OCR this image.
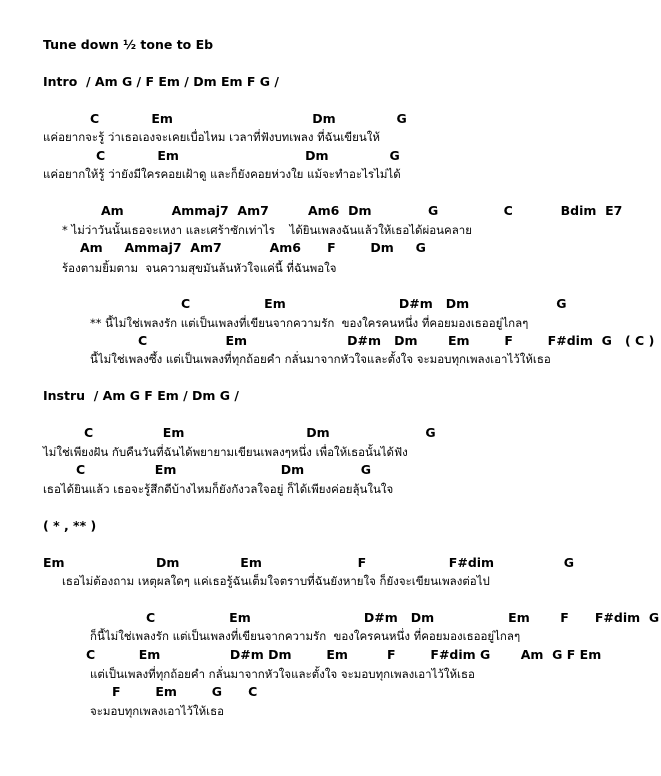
Tune down ½ tone to Eb
Intro  / Am G / F Em / Dm Em F G /
C            Em                                Dm              G
แค่อยากจะรู้ ว่าเธอเองจะเคยเบื่อไหม เวลาที่ฟังบทเพลง ที่ฉันเขียนให้
C            Em                             Dm              G
แค่อยากให้รู้ ว่ายังมีใครคอยเฝ้าดู และก็ยังคอยห่วงใย แม้จะทำอะไรไม่ได้
Am           Ammaj7  Am7         Am6  Dm             G               C           Bdim  E7
* ไม่ว่าวันนั้นเธอจะเหงา และเศร้าซักเท่าไร    ได้ยินเพลงฉันแล้วให้เธอได้ผ่อนคลาย
Am     Ammaj7  Am7           Am6      F        Dm     G
ร้องตามยิ้มตาม  จนความสุขมันล้นหัวใจแค่นี้ ที่ฉันพอใจ
C                 Em                          D#m   Dm                    G
** นี้ไม่ใช่เพลงรัก แต่เป็นเพลงที่เขียนจากความรัก  ของใครคนหนึ่ง ที่คอยมองเธออยู่ไกลๆ
C                  Em                       D#m   Dm       Em        F        F#dim  G   ( C )
นี้ไม่ใช่เพลงซึ้ง แต่เป็นเพลงที่ทุกถ้อยคำ กลั่นมาจากหัวใจและตั้งใจ จะมอบทุกเพลงเอาไว้ให้เธอ
Instru  / Am G F Em / Dm G /
C                Em                            Dm                      G
ไม่ใช่เพียงฝัน กับคืนวันที่ฉันได้พยายามเขียนเพลงๆหนึ่ง เพื่อให้เธอนั้นได้ฟัง
C                Em                        Dm             G
เธอได้ยินแล้ว เธอจะรู้สึกดีบ้างไหมก็ยังกังวลใจอยู่ ก็ได้เพียงค่อยลุ้นในใจ
( * , ** )
Em                     Dm              Em                      F                   F#dim                G
เธอไม่ต้องถาม เหตุผลใดๆ แค่เธอรู้ฉันเต็มใจตราบที่ฉันยังหายใจ ก็ยังจะเขียนเพลงต่อไป
C                 Em                          D#m   Dm                 Em       F      F#dim  G
ก็นี้ไม่ใช่เพลงรัก แต่เป็นเพลงที่เขียนจากความรัก  ของใครคนหนึ่ง ที่คอยมองเธออยู่ไกลๆ
C          Em                D#m Dm        Em         F        F#dim G       Am  G F Em
แต่เป็นเพลงที่ทุกถ้อยคำ กลั่นมาจากหัวใจและตั้งใจ จะมอบทุกเพลงเอาไว้ให้เธอ
F        Em        G      C
จะมอบทุกเพลงเอาไว้ให้เธอ
